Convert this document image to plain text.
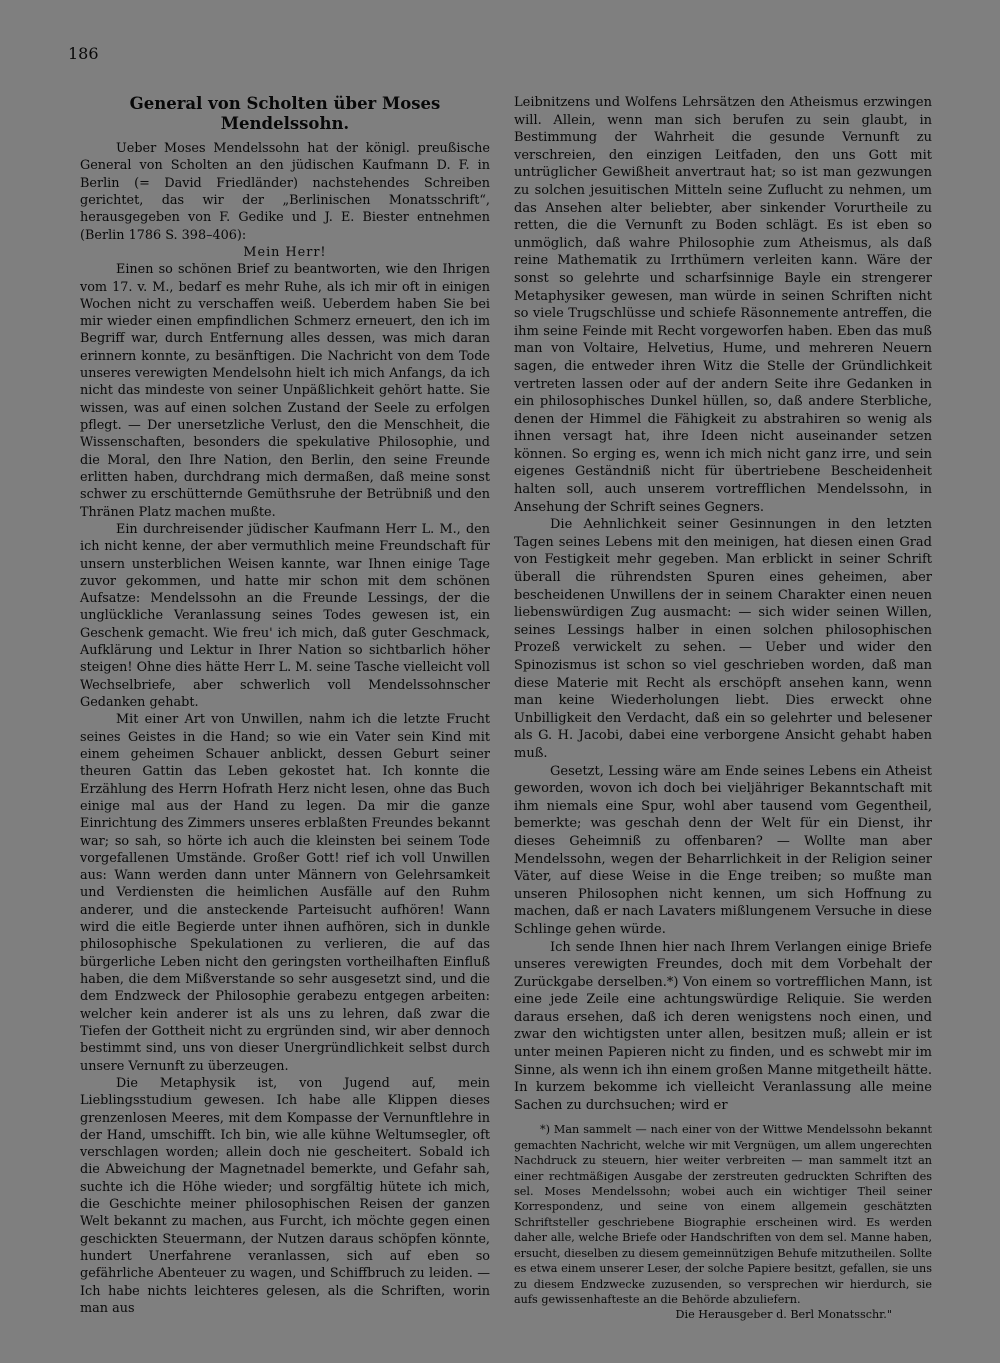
186
General von Scholten über Moses Mendelssohn.

Ueber Moses Mendelssohn hat der königl. preußische General von Scholten an den jüdischen Kaufmann D. F. in Berlin (= David Friedländer) nachstehendes Schreiben gerichtet, das wir der „Berlinischen Monatsschrift“, herausgegeben von F. Gedike und J. E. Biester entnehmen (Berlin 1786 S. 398–406):

Mein Herr!

Einen so schönen Brief zu beantworten, wie den Ihrigen vom 17. v. M., bedarf es mehr Ruhe, als ich mir oft in einigen Wochen nicht zu verschaffen weiß. Ueberdem haben Sie bei mir wieder einen empfindlichen Schmerz erneuert, den ich im Begriff war, durch Entfernung alles dessen, was mich daran erinnern konnte, zu besänftigen. Die Nachricht von dem Tode unseres verewigten Mendelsohn hielt ich mich Anfangs, da ich nicht das mindeste von seiner Unpäßlichkeit gehört hatte. Sie wissen, was auf einen solchen Zustand der Seele zu erfolgen pflegt. — Der unersetzliche Verlust, den die Menschheit, die Wissenschaften, besonders die spekulative Philosophie, und die Moral, den Ihre Nation, den Berlin, den seine Freunde erlitten haben, durchdrang mich dermaßen, daß meine sonst schwer zu erschütternde Gemüthsruhe der Betrübniß und den Thränen Platz machen mußte.

Ein durchreisender jüdischer Kaufmann Herr L. M., den ich nicht kenne, der aber vermuthlich meine Freundschaft für unsern unsterblichen Weisen kannte, war Ihnen einige Tage zuvor gekommen, und hatte mir schon mit dem schönen Aufsatze: Mendelssohn an die Freunde Lessings, der die unglückliche Veranlassung seines Todes gewesen ist, ein Geschenk gemacht. Wie freu' ich mich, daß guter Geschmack, Aufklärung und Lektur in Ihrer Nation so sichtbarlich höher steigen! Ohne dies hätte Herr L. M. seine Tasche vielleicht voll Wechselbriefe, aber schwerlich voll Mendelssohnscher Gedanken gehabt.

Mit einer Art von Unwillen, nahm ich die letzte Frucht seines Geistes in die Hand; so wie ein Vater sein Kind mit einem geheimen Schauer anblickt, dessen Geburt seiner theuren Gattin das Leben gekostet hat. Ich konnte die Erzählung des Herrn Hofrath Herz nicht lesen, ohne das Buch einige mal aus der Hand zu legen. Da mir die ganze Einrichtung des Zimmers unseres erblaßten Freundes bekannt war; so sah, so hörte ich auch die kleinsten bei seinem Tode vorgefallenen Umstände. Großer Gott! rief ich voll Unwillen aus: Wann werden dann unter Männern von Gelehrsamkeit und Verdiensten die heimlichen Ausfälle auf den Ruhm anderer, und die ansteckende Parteisucht aufhören! Wann wird die eitle Begierde unter ihnen aufhören, sich in dunkle philosophische Spekulationen zu verlieren, die auf das bürgerliche Leben nicht den geringsten vortheilhaften Einfluß haben, die dem Mißverstande so sehr ausgesetzt sind, und die dem Endzweck der Philosophie gerabezu entgegen arbeiten: welcher kein anderer ist als uns zu lehren, daß zwar die Tiefen der Gottheit nicht zu ergründen sind, wir aber dennoch bestimmt sind, uns von dieser Unergründlichkeit selbst durch unsere Vernunft zu überzeugen.

Die Metaphysik ist, von Jugend auf, mein Lieblingsstudium gewesen. Ich habe alle Klippen dieses grenzenlosen Meeres, mit dem Kompasse der Vernunftlehre in der Hand, umschifft. Ich bin, wie alle kühne Weltumsegler, oft verschlagen worden; allein doch nie gescheitert. Sobald ich die Abweichung der Magnetnadel bemerkte, und Gefahr sah, suchte ich die Höhe wieder; und sorgfältig hütete ich mich, die Geschichte meiner philosophischen Reisen der ganzen Welt bekannt zu machen, aus Furcht, ich möchte gegen einen geschickten Steuermann, der Nutzen daraus schöpfen könnte, hundert Unerfahrene veranlassen, sich auf eben so gefährliche Abenteuer zu wagen, und Schiffbruch zu leiden. — Ich habe nichts leichteres gelesen, als die Schriften, worin man aus

Leibnitzens und Wolfens Lehrsätzen den Atheismus erzwingen will. Allein, wenn man sich berufen zu sein glaubt, in Bestimmung der Wahrheit die gesunde Vernunft zu verschreien, den einzigen Leitfaden, den uns Gott mit untrüglicher Gewißheit anvertraut hat; so ist man gezwungen zu solchen jesuitischen Mitteln seine Zuflucht zu nehmen, um das Ansehen alter beliebter, aber sinkender Vorurtheile zu retten, die die Vernunft zu Boden schlägt. Es ist eben so unmöglich, daß wahre Philosophie zum Atheismus, als daß reine Mathematik zu Irrthümern verleiten kann. Wäre der sonst so gelehrte und scharfsinnige Bayle ein strengerer Metaphysiker gewesen, man würde in seinen Schriften nicht so viele Trugschlüsse und schiefe Räsonnemente antreffen, die ihm seine Feinde mit Recht vorgeworfen haben. Eben das muß man von Voltaire, Helvetius, Hume, und mehreren Neuern sagen, die entweder ihren Witz die Stelle der Gründlichkeit vertreten lassen oder auf der andern Seite ihre Gedanken in ein philosophisches Dunkel hüllen, so, daß andere Sterbliche, denen der Himmel die Fähigkeit zu abstrahiren so wenig als ihnen versagt hat, ihre Ideen nicht auseinander setzen können. So erging es, wenn ich mich nicht ganz irre, und sein eigenes Geständniß nicht für übertriebene Bescheidenheit halten soll, auch unserem vortrefflichen Mendelssohn, in Ansehung der Schrift seines Gegners.

Die Aehnlichkeit seiner Gesinnungen in den letzten Tagen seines Lebens mit den meinigen, hat diesen einen Grad von Festigkeit mehr gegeben. Man erblickt in seiner Schrift überall die rührendsten Spuren eines geheimen, aber bescheidenen Unwillens der in seinem Charakter einen neuen liebenswürdigen Zug ausmacht: — sich wider seinen Willen, seines Lessings halber in einen solchen philosophischen Prozeß verwickelt zu sehen. — Ueber und wider den Spinozismus ist schon so viel geschrieben worden, daß man diese Materie mit Recht als erschöpft ansehen kann, wenn man keine Wiederholungen liebt. Dies erweckt ohne Unbilligkeit den Verdacht, daß ein so gelehrter und belesener als G. H. Jacobi, dabei eine verborgene Ansicht gehabt haben muß.

Gesetzt, Lessing wäre am Ende seines Lebens ein Atheist geworden, wovon ich doch bei vieljähriger Bekanntschaft mit ihm niemals eine Spur, wohl aber tausend vom Gegentheil, bemerkte; was geschah denn der Welt für ein Dienst, ihr dieses Geheimniß zu offenbaren? — Wollte man aber Mendelssohn, wegen der Beharrlichkeit in der Religion seiner Väter, auf diese Weise in die Enge treiben; so mußte man unseren Philosophen nicht kennen, um sich Hoffnung zu machen, daß er nach Lavaters mißlungenem Versuche in diese Schlinge gehen würde.

Ich sende Ihnen hier nach Ihrem Verlangen einige Briefe unseres verewigten Freundes, doch mit dem Vorbehalt der Zurückgabe derselben.*) Von einem so vortrefflichen Mann, ist eine jede Zeile eine achtungswürdige Reliquie. Sie werden daraus ersehen, daß ich deren wenigstens noch einen, und zwar den wichtigsten unter allen, besitzen muß; allein er ist unter meinen Papieren nicht zu finden, und es schwebt mir im Sinne, als wenn ich ihn einem großen Manne mitgetheilt hätte. In kurzem bekomme ich vielleicht Veranlassung alle meine Sachen zu durchsuchen; wird er

*) Man sammelt — nach einer von der Wittwe Mendelssohn bekannt gemachten Nachricht, welche wir mit Vergnügen, um allem ungerechten Nachdruck zu steuern, hier weiter verbreiten — man sammelt itzt an einer rechtmäßigen Ausgabe der zerstreuten gedruckten Schriften des sel. Moses Mendelssohn; wobei auch ein wichtiger Theil seiner Korrespondenz, und seine von einem allgemein geschätzten Schriftsteller geschriebene Biographie erscheinen wird. Es werden daher alle, welche Briefe oder Handschriften von dem sel. Manne haben, ersucht, dieselben zu diesem gemeinnützigen Behufe mitzutheilen. Sollte es etwa einem unserer Leser, der solche Papiere besitzt, gefallen, sie uns zu diesem Endzwecke zuzusenden, so versprechen wir hierdurch, sie aufs gewissenhafteste an die Behörde abzuliefern.

Die Herausgeber d. Berl Monatsschr."
